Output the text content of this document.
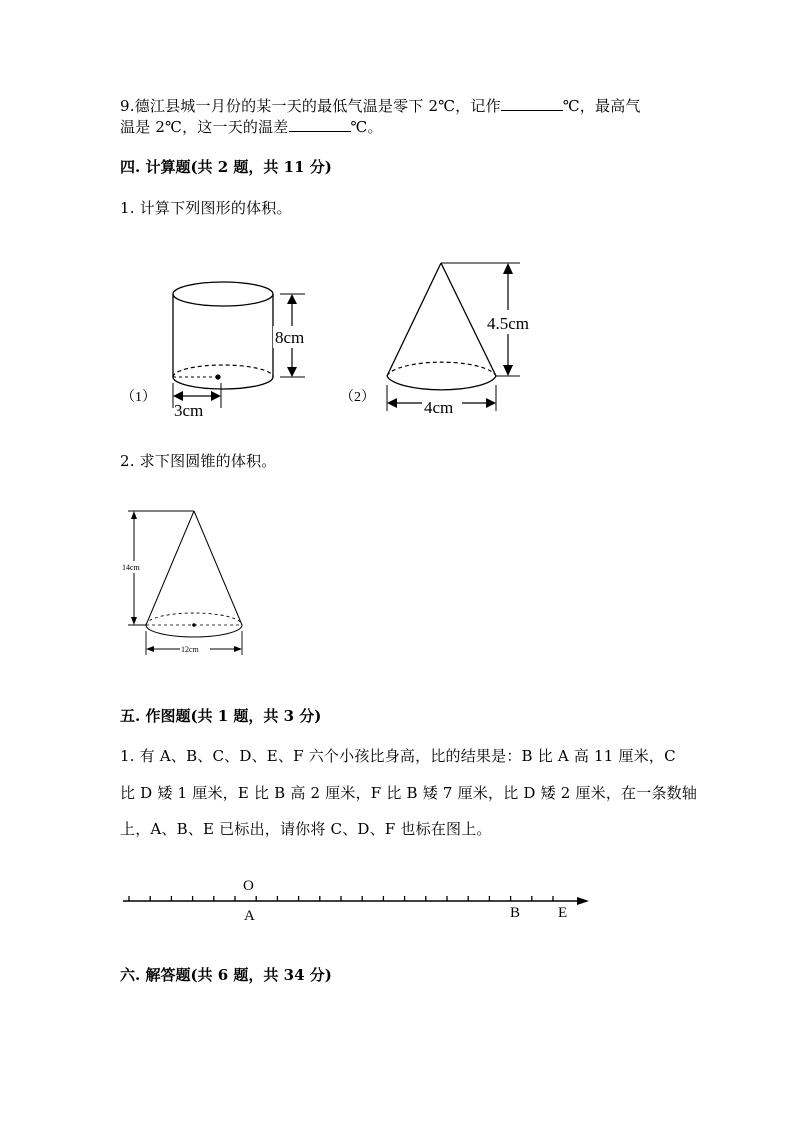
9.德江县城一月份的某一天的最低气温是零下 2℃，记作	℃，最高气
温是 2℃，这一天的温差	℃。
四. 计算题(共 2 题，共 11 分)
1. 计算下列图形的体积。
8cm
3cm
（1）
4.5cm
4cm
（2）
2. 求下图圆锥的体积。
14cm
12cm
五. 作图题(共 1 题，共 3 分)
1. 有 A、B、C、D、E、F 六个小孩比身高，比的结果是：B 比 A 高 11 厘米，C
比 D 矮 1 厘米，E 比 B 高 2 厘米，F 比 B 矮 7 厘米，比 D 矮 2 厘米，在一条数轴
上，A、B、E 已标出，请你将 C、D、F 也标在图上。
O
A	B	E
六. 解答题(共 6 题，共 34 分)
